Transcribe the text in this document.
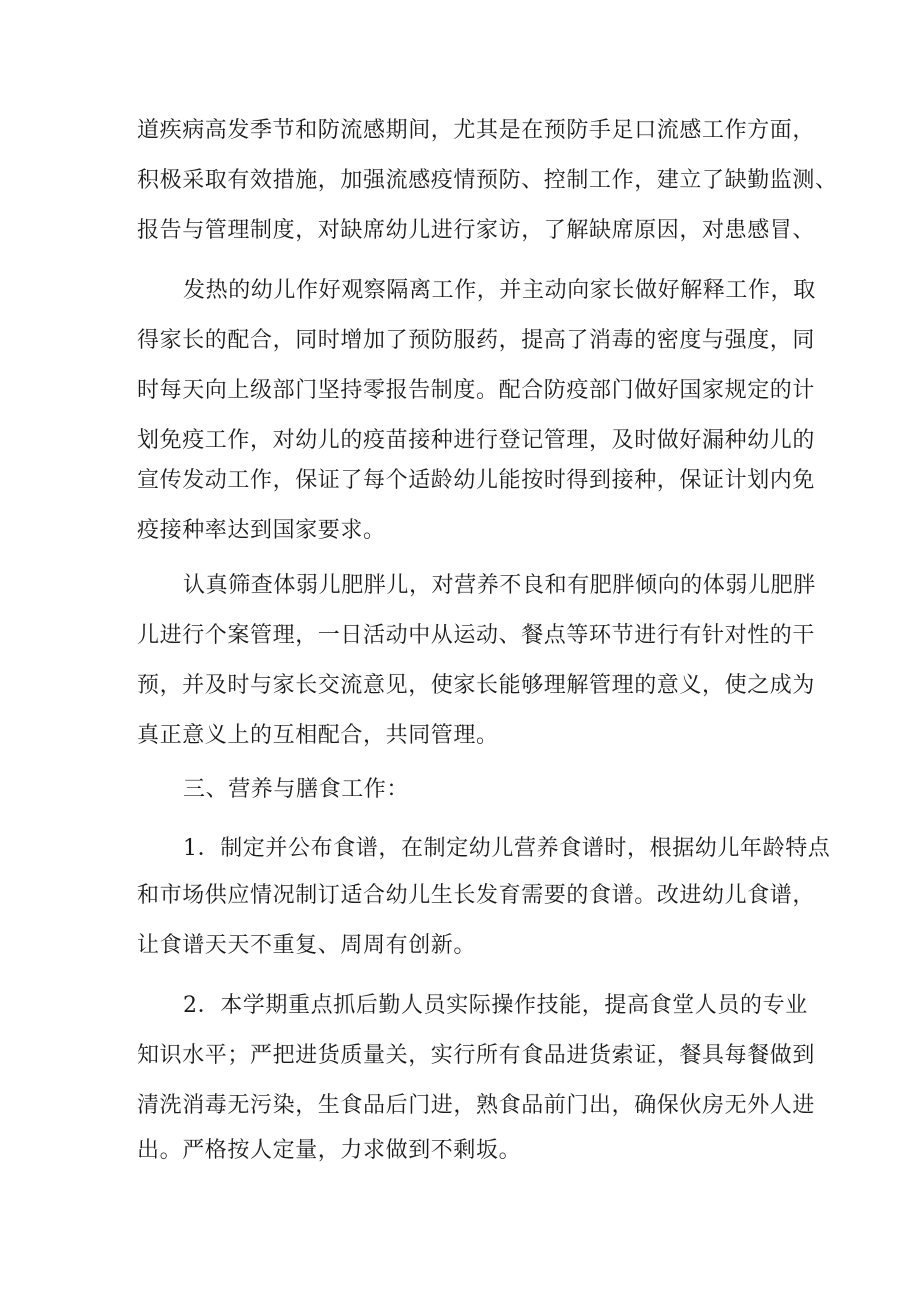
道疾病高发季节和防流感期间，尤其是在预防手足口流感工作方面，
积极采取有效措施，加强流感疫情预防、控制工作，建立了缺勤监测、
报告与管理制度，对缺席幼儿进行家访，了解缺席原因，对患感冒、
发热的幼儿作好观察隔离工作，并主动向家长做好解释工作，取
得家长的配合，同时增加了预防服药，提高了消毒的密度与强度，同
时每天向上级部门坚持零报告制度。配合防疫部门做好国家规定的计
划免疫工作，对幼儿的疫苗接种进行登记管理，及时做好漏种幼儿的
宣传发动工作，保证了每个适龄幼儿能按时得到接种，保证计划内免
疫接种率达到国家要求。
认真筛查体弱儿肥胖儿，对营养不良和有肥胖倾向的体弱儿肥胖
儿进行个案管理，一日活动中从运动、餐点等环节进行有针对性的干
预，并及时与家长交流意见，使家长能够理解管理的意义，使之成为
真正意义上的互相配合，共同管理。
三、营养与膳食工作：
1．制定并公布食谱，在制定幼儿营养食谱时，根据幼儿年龄特点
和市场供应情况制订适合幼儿生长发育需要的食谱。改进幼儿食谱，
让食谱天天不重复、周周有创新。
2．本学期重点抓后勤人员实际操作技能，提高食堂人员的专业
知识水平；严把进货质量关，实行所有食品进货索证，餐具每餐做到
清洗消毒无污染，生食品后门进，熟食品前门出，确保伙房无外人进
出。严格按人定量，力求做到不剩坂。
